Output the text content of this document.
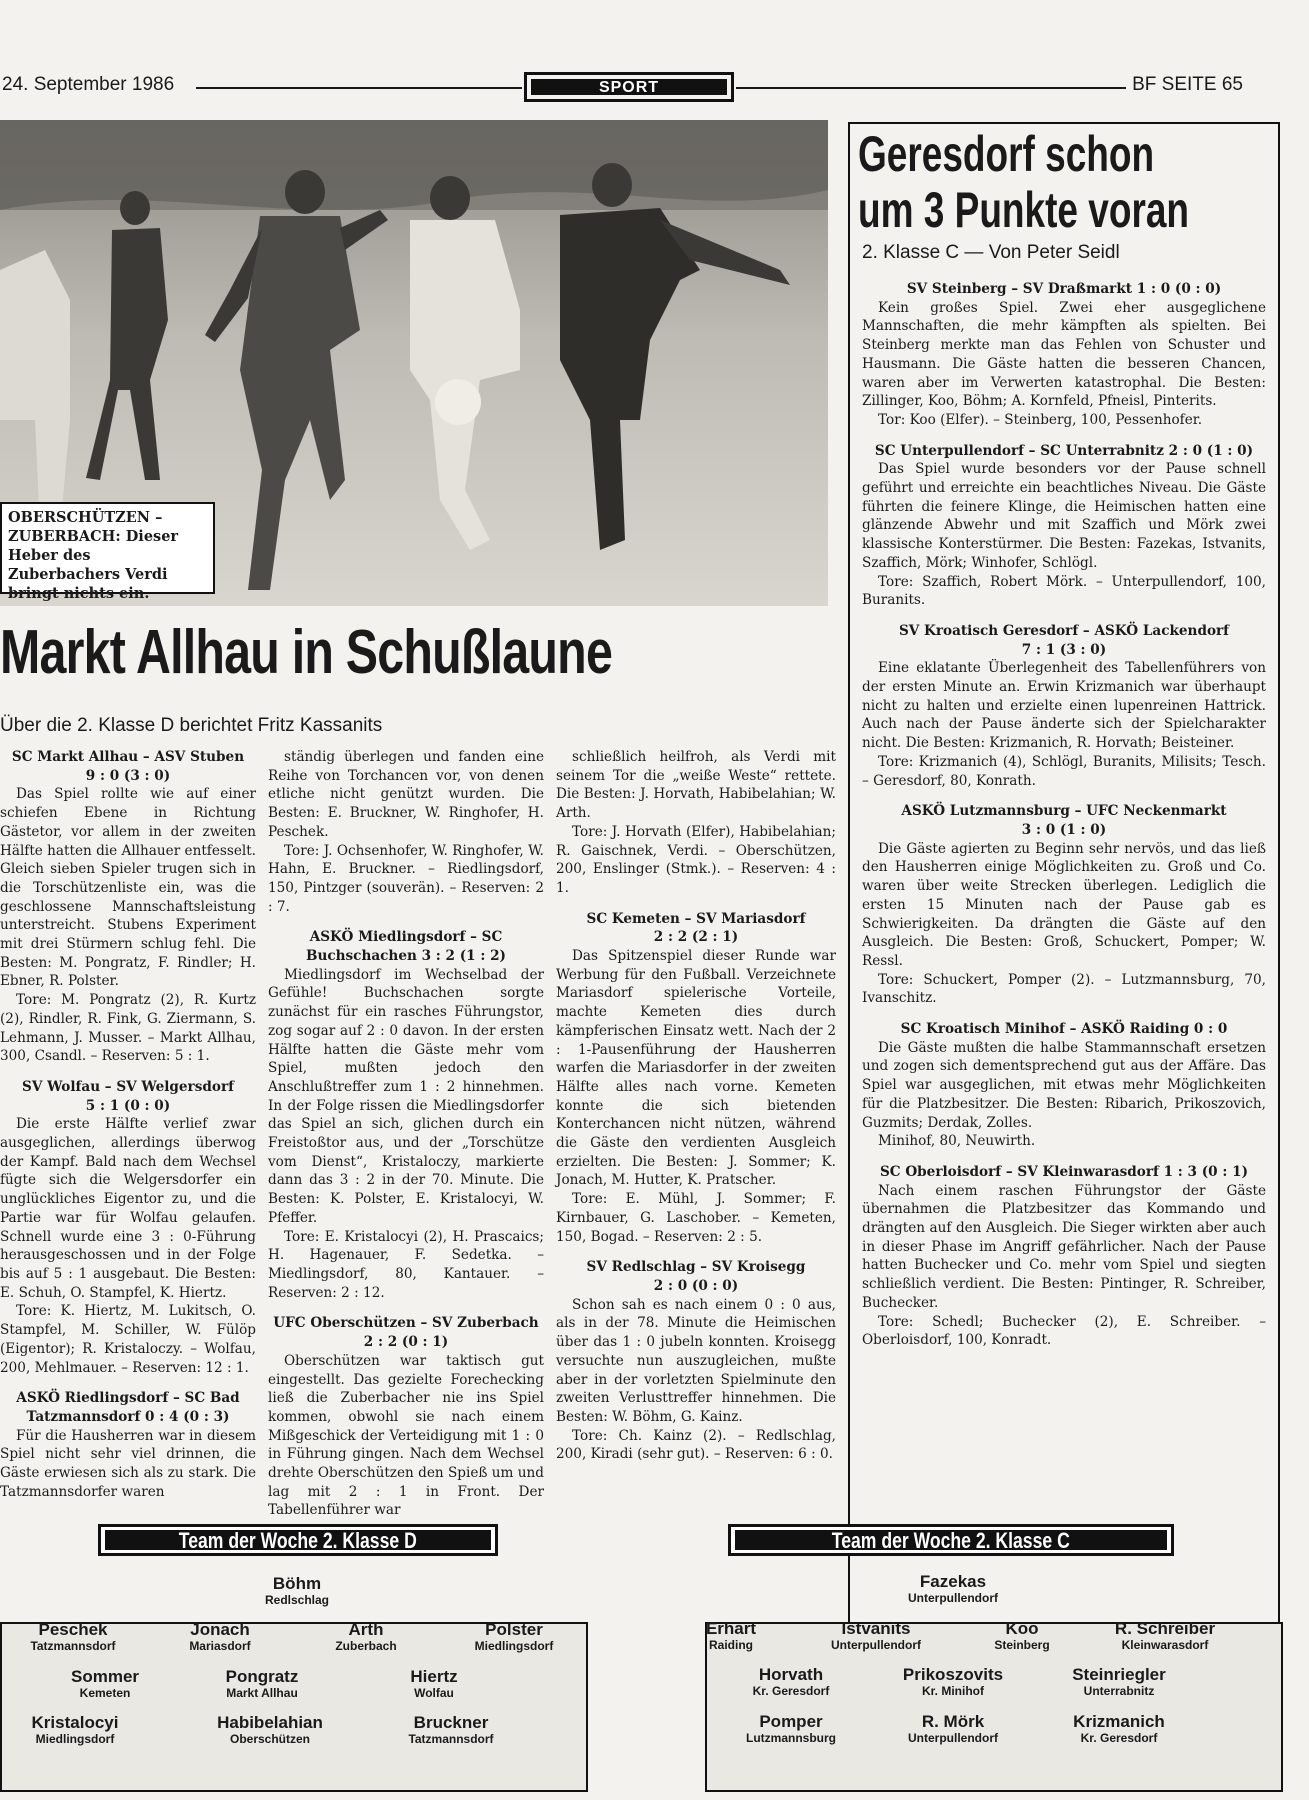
24. September 1986	SPORT	BF SEITE 65
OBERSCHÜTZEN – ZUBERBACH: Dieser Heber des Zuberbachers Verdi bringt nichts ein.
Markt Allhau in Schußlaune
Über die 2. Klasse D berichtet Fritz Kassanits

SC Markt Allhau – ASV Stuben

9 : 0 (3 : 0)

Das Spiel rollte wie auf einer schiefen Ebene in Richtung Gästetor, vor allem in der zweiten Hälfte hatten die Allhauer entfesselt. Gleich sieben Spieler trugen sich in die Torschützenliste ein, was die geschlossene Mannschaftsleistung unterstreicht. Stubens Experiment mit drei Stürmern schlug fehl. Die Besten: M. Pongratz, F. Rindler; H. Ebner, R. Polster.

Tore: M. Pongratz (2), R. Kurtz (2), Rindler, R. Fink, G. Ziermann, S. Lehmann, J. Musser. – Markt Allhau, 300, Csandl. – Reserven: 5 : 1.

SV Wolfau – SV Welgersdorf

5 : 1 (0 : 0)

Die erste Hälfte verlief zwar ausgeglichen, allerdings überwog der Kampf. Bald nach dem Wechsel fügte sich die Welgersdorfer ein unglückliches Eigentor zu, und die Partie war für Wolfau gelaufen. Schnell wurde eine 3 : 0-Führung herausgeschossen und in der Folge bis auf 5 : 1 ausgebaut. Die Besten: E. Schuh, O. Stampfel, K. Hiertz.

Tore: K. Hiertz, M. Lukitsch, O. Stampfel, M. Schiller, W. Fülöp (Eigentor); R. Kristaloczy. – Wolfau, 200, Mehlmauer. – Reserven: 12 : 1.

ASKÖ Riedlingsdorf – SC Bad

Tatzmannsdorf 0 : 4 (0 : 3)

Für die Hausherren war in diesem Spiel nicht sehr viel drinnen, die Gäste erwiesen sich als zu stark. Die Tatzmannsdorfer waren

ständig überlegen und fanden eine Reihe von Torchancen vor, von denen etliche nicht genützt wurden. Die Besten: E. Bruckner, W. Ringhofer, H. Peschek.

Tore: J. Ochsenhofer, W. Ringhofer, W. Hahn, E. Bruckner. – Riedlingsdorf, 150, Pintzger (souverän). – Reserven: 2 : 7.

ASKÖ Miedlingsdorf – SC Buchschachen 3 : 2 (1 : 2)

Miedlingsdorf im Wechselbad der Gefühle! Buchschachen sorgte zunächst für ein rasches Führungstor, zog sogar auf 2 : 0 davon. In der ersten Hälfte hatten die Gäste mehr vom Spiel, mußten jedoch den Anschlußtreffer zum 1 : 2 hinnehmen. In der Folge rissen die Miedlingsdorfer das Spiel an sich, glichen durch ein Freistoßtor aus, und der „Torschütze vom Dienst“, Kristaloczy, markierte dann das 3 : 2 in der 70. Minute. Die Besten: K. Polster, E. Kristalocyi, W. Pfeffer.

Tore: E. Kristalocyi (2), H. Prascaics; H. Hagenauer, F. Sedetka. – Miedlingsdorf, 80, Kantauer. – Reserven: 2 : 12.

UFC Oberschützen – SV Zuberbach 2 : 2 (0 : 1)

Oberschützen war taktisch gut eingestellt. Das gezielte Forechecking ließ die Zuberbacher nie ins Spiel kommen, obwohl sie nach einem Mißgeschick der Verteidigung mit 1 : 0 in Führung gingen. Nach dem Wechsel drehte Oberschützen den Spieß um und lag mit 2 : 1 in Front. Der Tabellenführer war

schließlich heilfroh, als Verdi mit seinem Tor die „weiße Weste“ rettete. Die Besten: J. Horvath, Habibelahian; W. Arth.

Tore: J. Horvath (Elfer), Habibelahian; R. Gaischnek, Verdi. – Oberschützen, 200, Enslinger (Stmk.). – Reserven: 4 : 1.

SC Kemeten – SV Mariasdorf

2 : 2 (2 : 1)

Das Spitzenspiel dieser Runde war Werbung für den Fußball. Verzeichnete Mariasdorf spielerische Vorteile, machte Kemeten dies durch kämpferischen Einsatz wett. Nach der 2 : 1-Pausenführung der Hausherren warfen die Mariasdorfer in der zweiten Hälfte alles nach vorne. Kemeten konnte die sich bietenden Konterchancen nicht nützen, während die Gäste den verdienten Ausgleich erzielten. Die Besten: J. Sommer; K. Jonach, M. Hutter, K. Pratscher.

Tore: E. Mühl, J. Sommer; F. Kirnbauer, G. Laschober. – Kemeten, 150, Bogad. – Reserven: 2 : 5.

SV Redlschlag – SV Kroisegg

2 : 0 (0 : 0)

Schon sah es nach einem 0 : 0 aus, als in der 78. Minute die Heimischen über das 1 : 0 jubeln konnten. Kroisegg versuchte nun auszugleichen, mußte aber in der vorletzten Spielminute den zweiten Verlusttreffer hinnehmen. Die Besten: W. Böhm, G. Kainz.

Tore: Ch. Kainz (2). – Redlschlag, 200, Kiradi (sehr gut). – Reserven: 6 : 0.

Geresdorf schon
um 3 Punkte voran
2. Klasse C — Von Peter Seidl

SV Steinberg – SV Draßmarkt 1 : 0 (0 : 0)

Kein großes Spiel. Zwei eher ausgeglichene Mannschaften, die mehr kämpften als spielten. Bei Steinberg merkte man das Fehlen von Schuster und Hausmann. Die Gäste hatten die besseren Chancen, waren aber im Verwerten katastrophal. Die Besten: Zillinger, Koo, Böhm; A. Kornfeld, Pfneisl, Pinterits.

Tor: Koo (Elfer). – Steinberg, 100, Pessenhofer.

SC Unterpullendorf – SC Unterrabnitz 2 : 0 (1 : 0)

Das Spiel wurde besonders vor der Pause schnell geführt und erreichte ein beachtliches Niveau. Die Gäste führten die feinere Klinge, die Heimischen hatten eine glänzende Abwehr und mit Szaffich und Mörk zwei klassische Konterstürmer. Die Besten: Fazekas, Istvanits, Szaffich, Mörk; Winhofer, Schlögl.

Tore: Szaffich, Robert Mörk. – Unterpullendorf, 100, Buranits.

SV Kroatisch Geresdorf – ASKÖ Lackendorf

7 : 1 (3 : 0)

Eine eklatante Überlegenheit des Tabellenführers von der ersten Minute an. Erwin Krizmanich war überhaupt nicht zu halten und erzielte einen lupenreinen Hattrick. Auch nach der Pause änderte sich der Spielcharakter nicht. Die Besten: Krizmanich, R. Horvath; Beisteiner.

Tore: Krizmanich (4), Schlögl, Buranits, Milisits; Tesch. – Geresdorf, 80, Konrath.

ASKÖ Lutzmannsburg – UFC Neckenmarkt

3 : 0 (1 : 0)

Die Gäste agierten zu Beginn sehr nervös, und das ließ den Hausherren einige Möglichkeiten zu. Groß und Co. waren über weite Strecken überlegen. Lediglich die ersten 15 Minuten nach der Pause gab es Schwierigkeiten. Da drängten die Gäste auf den Ausgleich. Die Besten: Groß, Schuckert, Pomper; W. Ressl.

Tore: Schuckert, Pomper (2). – Lutzmannsburg, 70, Ivanschitz.

SC Kroatisch Minihof – ASKÖ Raiding 0 : 0

Die Gäste mußten die halbe Stammannschaft ersetzen und zogen sich dementsprechend gut aus der Affäre. Das Spiel war ausgeglichen, mit etwas mehr Möglichkeiten für die Platzbesitzer. Die Besten: Ribarich, Prikoszovich, Guzmits; Derdak, Zolles.

Minihof, 80, Neuwirth.

SC Oberloisdorf – SV Kleinwarasdorf 1 : 3 (0 : 1)

Nach einem raschen Führungstor der Gäste übernahmen die Platzbesitzer das Kommando und drängten auf den Ausgleich. Die Sieger wirkten aber auch in dieser Phase im Angriff gefährlicher. Nach der Pause hatten Buchecker und Co. mehr vom Spiel und siegten schließlich verdient. Die Besten: Pintinger, R. Schreiber, Buchecker.

Tore: Schedl; Buchecker (2), E. Schreiber. – Oberloisdorf, 100, Konradt.

Team der Woche 2. Klasse D
Böhm
Redlschlag
Peschek
Tatzmannsdorf
Jonach
Mariasdorf
Arth
Zuberbach
Polster
Miedlingsdorf
Sommer
Kemeten
Pongratz
Markt Allhau
Hiertz
Wolfau
Kristalocyi
Miedlingsdorf
Habibelahian
Oberschützen
Bruckner
Tatzmannsdorf
Team der Woche 2. Klasse C
Fazekas
Unterpullendorf
Erhart
Raiding
Istvanits
Unterpullendorf
Koo
Steinberg
R. Schreiber
Kleinwarasdorf
Horvath
Kr. Geresdorf
Prikoszovits
Kr. Minihof
Steinriegler
Unterrabnitz
Pomper
Lutzmannsburg
R. Mörk
Unterpullendorf
Krizmanich
Kr. Geresdorf
